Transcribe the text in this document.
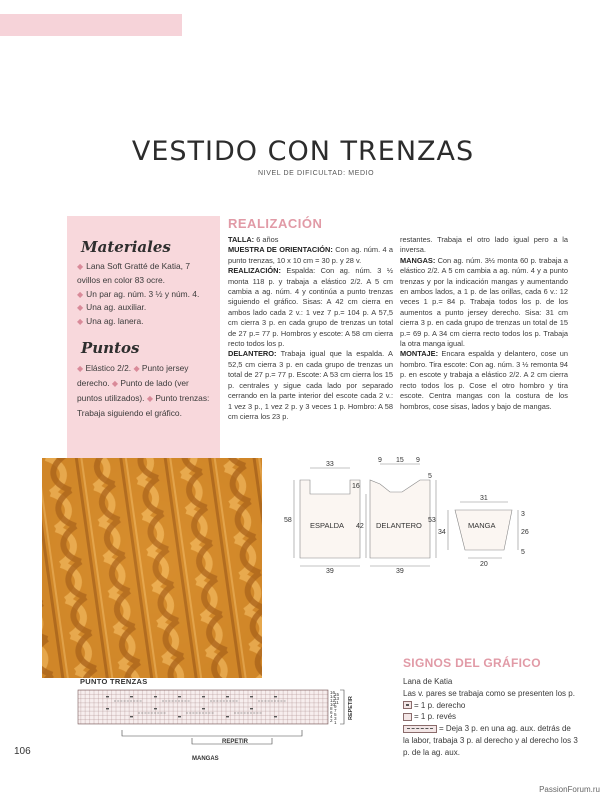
VESTIDO CON TRENZAS
NIVEL DE DIFICULTAD: MEDIO
Materiales
◆ Lana Soft Gratté de Katia, 7 ovillos en color 83 ocre.
◆ Un par ag. núm. 3 ½ y núm. 4. ◆ Una ag. auxiliar.
◆ Una ag. lanera.
Puntos

◆ Elástico 2/2. ◆ Punto jersey derecho. ◆ Punto de lado (ver puntos utilizados). ◆ Punto trenzas: Trabaja siguiendo el gráfico.

REALIZACIÓN

TALLA: 6 años

MUESTRA DE ORIENTACIÓN: Con ag. núm. 4 a punto trenzas, 10 x 10 cm = 30 p. y 28 v.

REALIZACIÓN: Espalda: Con ag. núm. 3 ½ monta 118 p. y trabaja a elástico 2/2. A 5 cm cambia a ag. núm. 4 y continúa a punto trenzas siguiendo el gráfico. Sisas: A 42 cm cierra en ambos lado cada 2 v.: 1 vez 7 p.= 104 p. A 57,5 cm cierra 3 p. en cada grupo de trenzas un total de 27 p.= 77 p. Hombros y escote: A 58 cm cierra recto todos los p.

DELANTERO: Trabaja igual que la espalda. A 52,5 cm cierra 3 p. en cada grupo de trenzas un total de 27 p.= 77 p. Escote: A 53 cm cierra los 15 p. centrales y sigue cada lado por separado cerrando en la parte interior del escote cada 2 v.: 1 vez 3 p., 1 vez 2 p. y 3 veces 1 p. Hombro: A 58 cm cierra los 23 p.

restantes. Trabaja el otro lado igual pero a la inversa.

MANGAS: Con ag. núm. 3½ monta 60 p. trabaja a elástico 2/2. A 5 cm cambia a ag. núm. 4 y a punto trenzas y por la indicación mangas y aumentando en ambos lados, a 1 p. de las orillas, cada 6 v.: 12 veces 1 p.= 84 p. Trabaja todos los p. de los aumentos a punto jersey derecho. Sisa: 31 cm cierra 3 p. en cada grupo de trenzas un total de 15 p.= 69 p. A 34 cm cierra recto todos los p. Trabaja la otra manga igual.

MONTAJE: Encara espalda y delantero, cose un hombro. Tira escote: Con ag. núm. 3 ½ remonta 94 p. en escote y trabaja a elástico 2/2. A 2 cm cierra recto todos los p. Cose el otro hombro y tira escote. Centra mangas con la costura de los hombros, cose sisas, lados y bajo de mangas.

33
39
58
16
42
ESPALDA
9 15 9
39
53
5
DELANTERO
31
20
34
3
26
5
MANGA
SIGNOS DEL GRÁFICO
Lana de Katia
Las v. pares se trabaja como se presenten los p.
= 1 p. derecho
= 1 p. revés
= Deja 3 p. en una ag. aux. detrás de la labor, trabaja 3 p. al derecho y al derecho los 3 p. de la ag. aux.
PUNTO TRENZAS
16
14
12
10
8
6
4
2
15
13
11
9
7
5
3
1
REPETIR
REPETIR
MANGAS
106
PassionForum.ru
